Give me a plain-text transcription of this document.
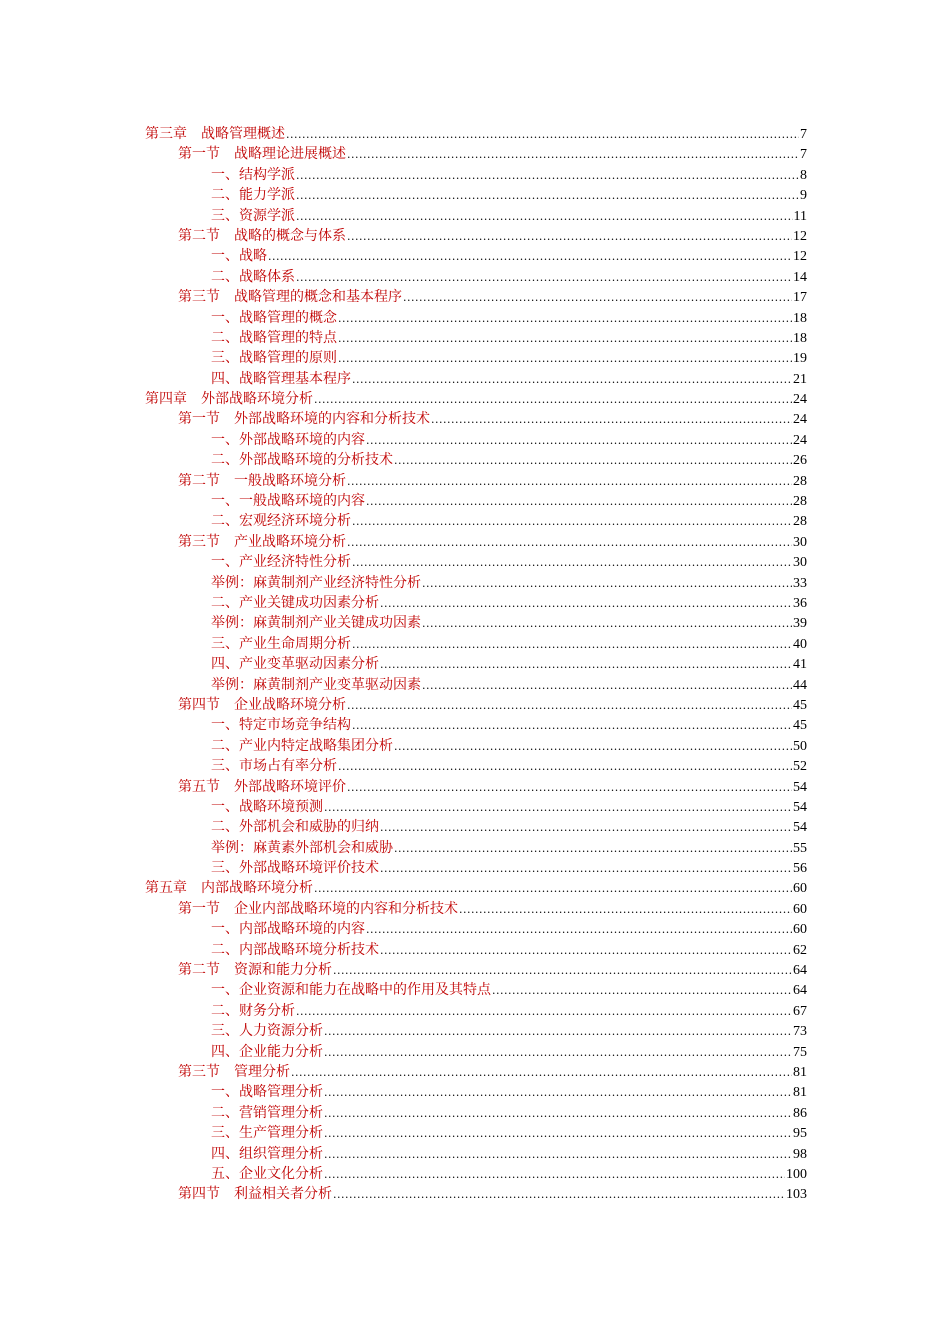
第三章　战略管理概述 .....	7
第一节　战略理论进展概述 .....	7
一、结构学派 .....	8
二、能力学派 .....	9
三、资源学派 .....	11
第二节　战略的概念与体系 .....	12
一、战略 .....	12
二、战略体系 .....	14
第三节　战略管理的概念和基本程序 .....	17
一、战略管理的概念 .....	18
二、战略管理的特点 .....	18
三、战略管理的原则 .....	19
四、战略管理基本程序 .....	21
第四章　外部战略环境分析 .....	24
第一节　外部战略环境的内容和分析技术 .....	24
一、外部战略环境的内容 .....	24
二、外部战略环境的分析技术 .....	26
第二节　一般战略环境分析 .....	28
一、一般战略环境的内容 .....	28
二、宏观经济环境分析 .....	28
第三节　产业战略环境分析 .....	30
一、产业经济特性分析 .....	30
举例：麻黄制剂产业经济特性分析 .....	33
二、产业关键成功因素分析 .....	36
举例：麻黄制剂产业关键成功因素 .....	39
三、产业生命周期分析 .....	40
四、产业变革驱动因素分析 .....	41
举例：麻黄制剂产业变革驱动因素 .....	44
第四节　企业战略环境分析 .....	45
一、特定市场竞争结构 .....	45
二、产业内特定战略集团分析 .....	50
三、市场占有率分析 .....	52
第五节　外部战略环境评价 .....	54
一、战略环境预测 .....	54
二、外部机会和威胁的归纳 .....	54
举例：麻黄素外部机会和威胁 .....	55
三、外部战略环境评价技术 .....	56
第五章　内部战略环境分析 .....	60
第一节　企业内部战略环境的内容和分析技术 .....	60
一、内部战略环境的内容 .....	60
二、内部战略环境分析技术 .....	62
第二节　资源和能力分析 .....	64
一、企业资源和能力在战略中的作用及其特点 .....	64
二、财务分析 .....	67
三、人力资源分析 .....	73
四、企业能力分析 .....	75
第三节　管理分析 .....	81
一、战略管理分析 .....	81
二、营销管理分析 .....	86
三、生产管理分析 .....	95
四、组织管理分析 .....	98
五、企业文化分析 .....	100
第四节　利益相关者分析 .....	103
